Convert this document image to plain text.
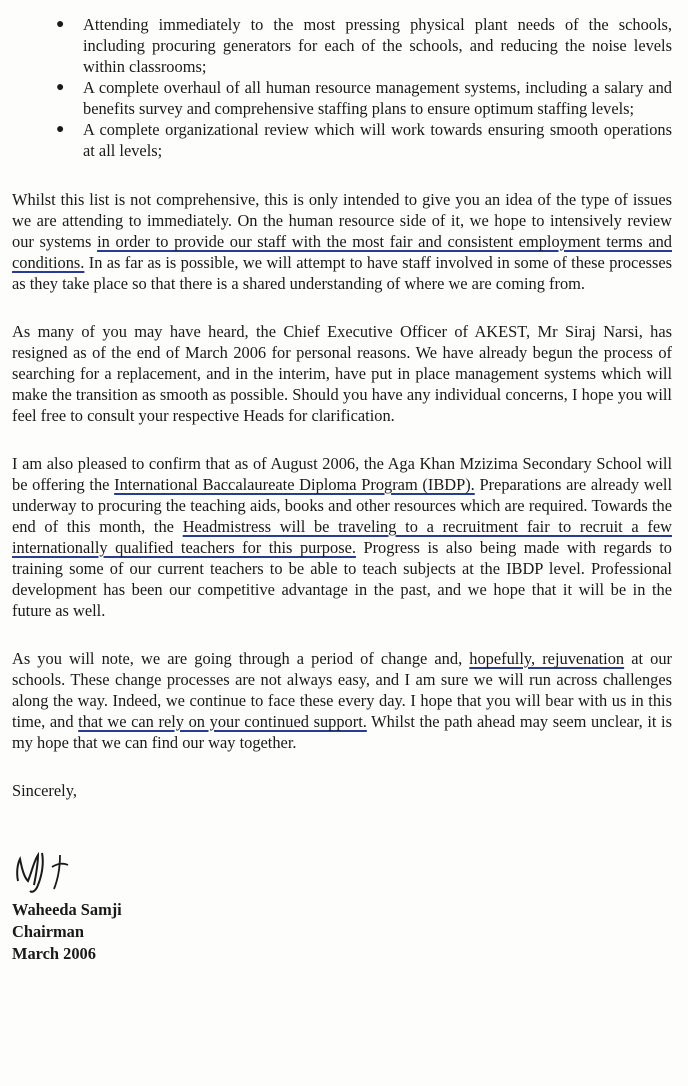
● Attending immediately to the most pressing physical plant needs of the schools, including procuring generators for each of the schools, and reducing the noise levels within classrooms;
● A complete overhaul of all human resource management systems, including a salary and benefits survey and comprehensive staffing plans to ensure optimum staffing levels;
● A complete organizational review which will work towards ensuring smooth operations at all levels;

Whilst this list is not comprehensive, this is only intended to give you an idea of the type of issues we are attending to immediately. On the human resource side of it, we hope to intensively review our systems in order to provide our staff with the most fair and consistent employment terms and conditions. In as far as is possible, we will attempt to have staff involved in some of these processes as they take place so that there is a shared understanding of where we are coming from.

As many of you may have heard, the Chief Executive Officer of AKEST, Mr Siraj Narsi, has resigned as of the end of March 2006 for personal reasons. We have already begun the process of searching for a replacement, and in the interim, have put in place management systems which will make the transition as smooth as possible. Should you have any individual concerns, I hope you will feel free to consult your respective Heads for clarification.

I am also pleased to confirm that as of August 2006, the Aga Khan Mzizima Secondary School will be offering the International Baccalaureate Diploma Program (IBDP). Preparations are already well underway to procuring the teaching aids, books and other resources which are required. Towards the end of this month, the Headmistress will be traveling to a recruitment fair to recruit a few internationally qualified teachers for this purpose. Progress is also being made with regards to training some of our current teachers to be able to teach subjects at the IBDP level. Professional development has been our competitive advantage in the past, and we hope that it will be in the future as well.

As you will note, we are going through a period of change and, hopefully, rejuvenation at our schools. These change processes are not always easy, and I am sure we will run across challenges along the way. Indeed, we continue to face these every day. I hope that you will bear with us in this time, and that we can rely on your continued support. Whilst the path ahead may seem unclear, it is my hope that we can find our way together.

Sincerely,

Waheeda Samji
Chairman
March 2006
